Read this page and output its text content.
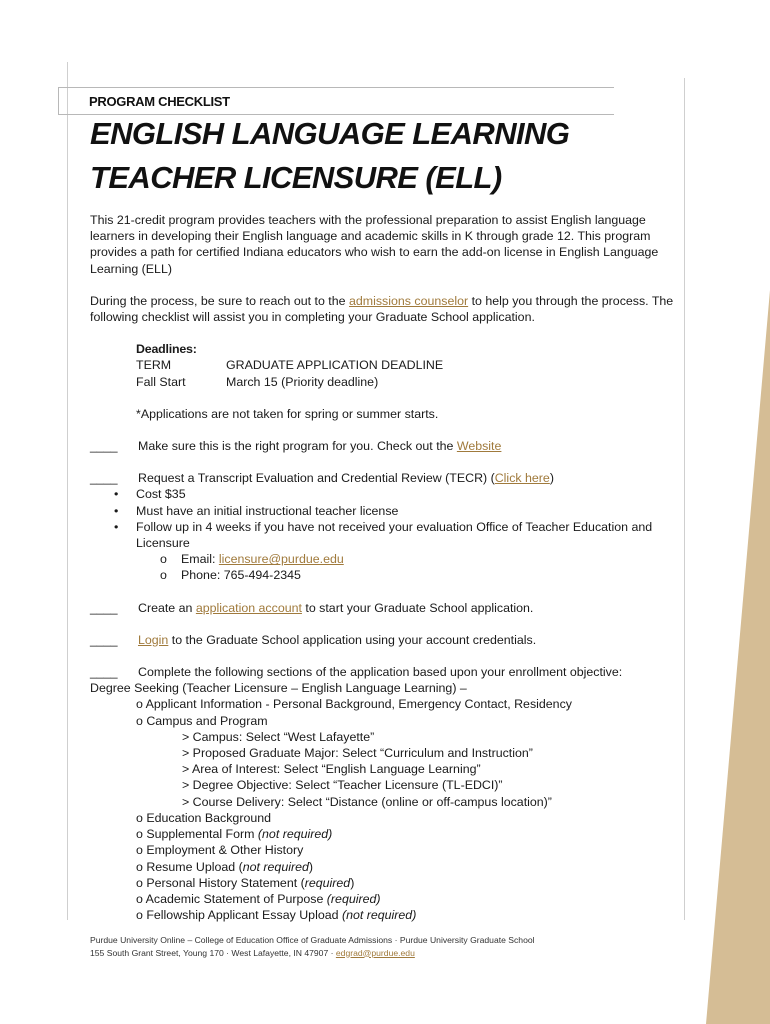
PROGRAM CHECKLIST
ENGLISH LANGUAGE LEARNING
TEACHER LICENSURE (ELL)

This 21-credit program provides teachers with the professional preparation to assist English language learners in developing their English language and academic skills in K through grade 12. This program provides a path for certified Indiana educators who wish to earn the add-on license in English Language Learning (ELL)

During the process, be sure to reach out to the admissions counselor to help you through the process. The following checklist will assist you in completing your Graduate School application.

Deadlines:
TERM	GRADUATE APPLICATION DEADLINE
Fall Start	March 15 (Priority deadline)
*Applications are not taken for spring or summer starts.
____ Make sure this is the right program for you. Check out the Website
____ Request a Transcript Evaluation and Credential Review (TECR) (Click here)
• Cost $35
• Must have an initial instructional teacher license
• Follow up in 4 weeks if you have not received your evaluation Office of Teacher Education and Licensure
o Email: licensure@purdue.edu
o Phone: 765-494-2345
____ Create an application account to start your Graduate School application.
____ Login to the Graduate School application using your account credentials.
____ Complete the following sections of the application based upon your enrollment objective:
Degree Seeking (Teacher Licensure – English Language Learning) –
o Applicant Information - Personal Background, Emergency Contact, Residency
o Campus and Program
> Campus: Select “West Lafayette”
> Proposed Graduate Major: Select “Curriculum and Instruction”
> Area of Interest: Select “English Language Learning”
> Degree Objective: Select “Teacher Licensure (TL-EDCI)”
> Course Delivery: Select “Distance (online or off-campus location)”
o Education Background
o Supplemental Form (not required)
o Employment & Other History
o Resume Upload (not required)
o Personal History Statement (required)
o Academic Statement of Purpose (required)
o Fellowship Applicant Essay Upload (not required)
Purdue University Online – College of Education Office of Graduate Admissions · Purdue University Graduate School
155 South Grant Street, Young 170 · West Lafayette, IN 47907 · edgrad@purdue.edu
